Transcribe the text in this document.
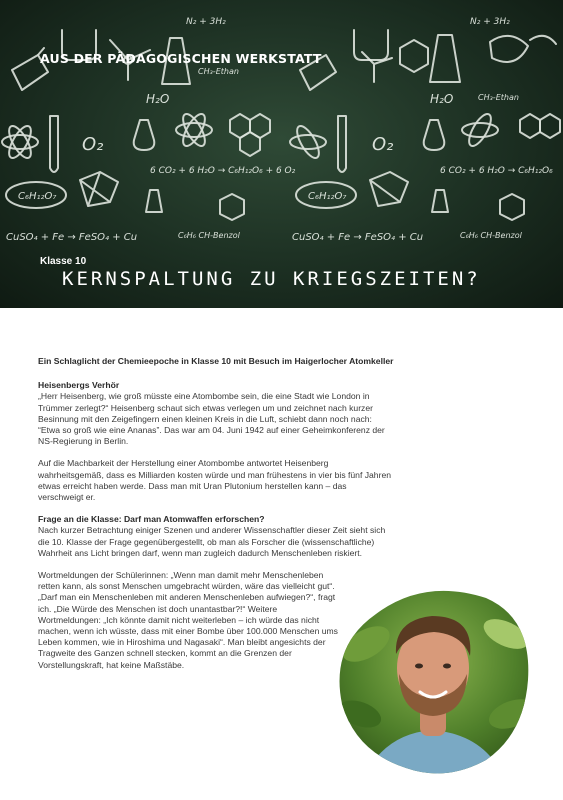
H₂O	H₂O
O₂	O₂
C₆H₁₂O₇	C₆H₁₂O₇
6 CO₂ + 6 H₂O → C₆H₁₂O₆ + 6 O₂	6 CO₂ + 6 H₂O → C₆H₁₂O₆
CuSO₄ + Fe → FeSO₄ + Cu	CuSO₄ + Fe → FeSO₄ + Cu
C₆H₆ CH-Benzol	C₆H₆ CH-Benzol
CH₃-Ethan
CH₃-Ethan
N₂ + 3H₂	N₂ + 3H₂
AUS DER PÄDAGOGISCHEN WERKSTATT
Klasse 10
KERNSPALTUNG ZU KRIEGSZEITEN?

Ein Schlaglicht der Chemieepoche in Klasse 10 mit Besuch im Haigerlocher Atomkeller

Heisenbergs Verhör
„Herr Heisenberg, wie groß müsste eine Atombombe sein, die eine Stadt wie London in Trümmer zerlegt?“ Heisenberg schaut sich etwas verlegen um und zeichnet nach kurzer Besinnung mit den Zeigefingern einen kleinen Kreis in die Luft, schiebt dann noch nach: “Etwa so groß wie eine Ananas”. Das war am 04. Juni 1942 auf einer Geheimkonferenz der NS-Regierung in Berlin.

Auf die Machbarkeit der Herstellung einer Atombombe antwortet Heisenberg wahrheitsgemäß, dass es Milliarden kosten würde und man frühestens in vier bis fünf Jahren etwas erreicht haben werde. Dass man mit Uran Plutonium herstellen kann – das verschweigt er.

Frage an die Klasse: Darf man Atomwaffen erforschen?
Nach kurzer Betrachtung einiger Szenen und anderer Wissenschaftler dieser Zeit sieht sich die 10. Klasse der Frage gegenübergestellt, ob man als Forscher die (wissenschaftliche) Wahrheit ans Licht bringen darf, wenn man zugleich dadurch Menschenleben riskiert.

Wortmeldungen der Schülerinnen: „Wenn man damit mehr Menschenleben retten kann, als sonst Menschen umgebracht würden, wäre das vielleicht gut“. „Darf man ein Menschenleben mit anderen Menschenleben aufwiegen?“, fragt ich. „Die Würde des Menschen ist doch unantastbar?!“ Weitere Wortmeldungen: „Ich könnte damit nicht weiterleben – ich würde das nicht machen, wenn ich wüsste, dass mit einer Bombe über 100.000 Menschen ums Leben kommen, wie in Hiroshima und Nagasaki“. Man bleibt angesichts der Tragweite des Ganzen schnell stecken, kommt an die Grenzen der Vorstellungskraft, hat keine Maßstäbe.
